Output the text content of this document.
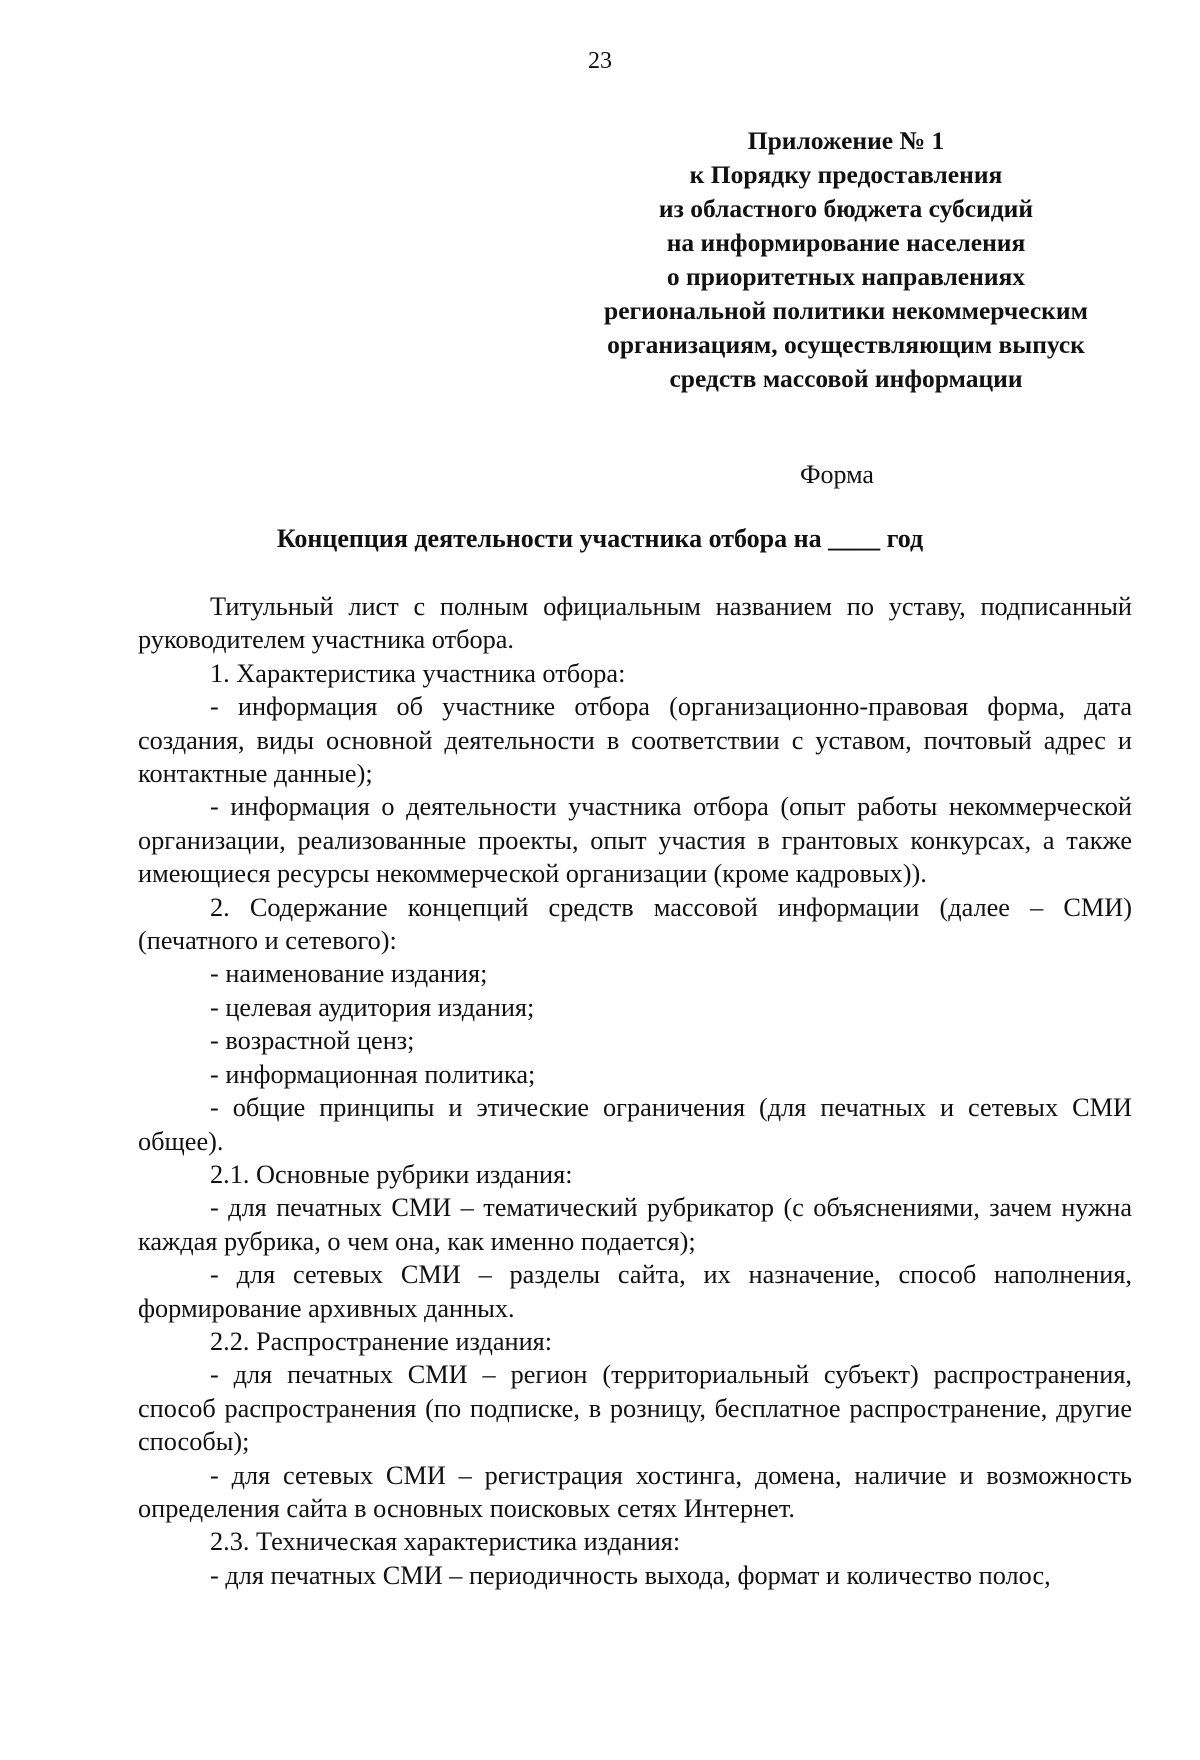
23
Приложение № 1
к Порядку предоставления
из областного бюджета субсидий
на информирование населения
о приоритетных направлениях
региональной политики некоммерческим
организациям, осуществляющим выпуск
средств массовой информации
Форма
Концепция деятельности участника отбора на ____ год

Титульный лист с полным официальным названием по уставу, подписанный руководителем участника отбора.

1. Характеристика участника отбора:

- информация об участнике отбора (организационно-правовая форма, дата создания, виды основной деятельности в соответствии с уставом, почтовый адрес и контактные данные);

- информация о деятельности участника отбора (опыт работы некоммерческой организации, реализованные проекты, опыт участия в грантовых конкурсах, а также имеющиеся ресурсы некоммерческой организации (кроме кадровых)).

2. Содержание концепций средств массовой информации (далее – СМИ) (печатного и сетевого):

- наименование издания;

- целевая аудитория издания;

- возрастной ценз;

- информационная политика;

- общие принципы и этические ограничения (для печатных и сетевых СМИ общее).

2.1. Основные рубрики издания:

- для печатных СМИ – тематический рубрикатор (с объяснениями, зачем нужна каждая рубрика, о чем она, как именно подается);

- для сетевых СМИ – разделы сайта, их назначение, способ наполнения, формирование архивных данных.

2.2. Распространение издания:

- для печатных СМИ – регион (территориальный субъект) распространения, способ распространения (по подписке, в розницу, бесплатное распространение, другие способы);

- для сетевых СМИ – регистрация хостинга, домена, наличие и возможность определения сайта в основных поисковых сетях Интернет.

2.3. Техническая характеристика издания:

- для печатных СМИ – периодичность выхода, формат и количество полос,
